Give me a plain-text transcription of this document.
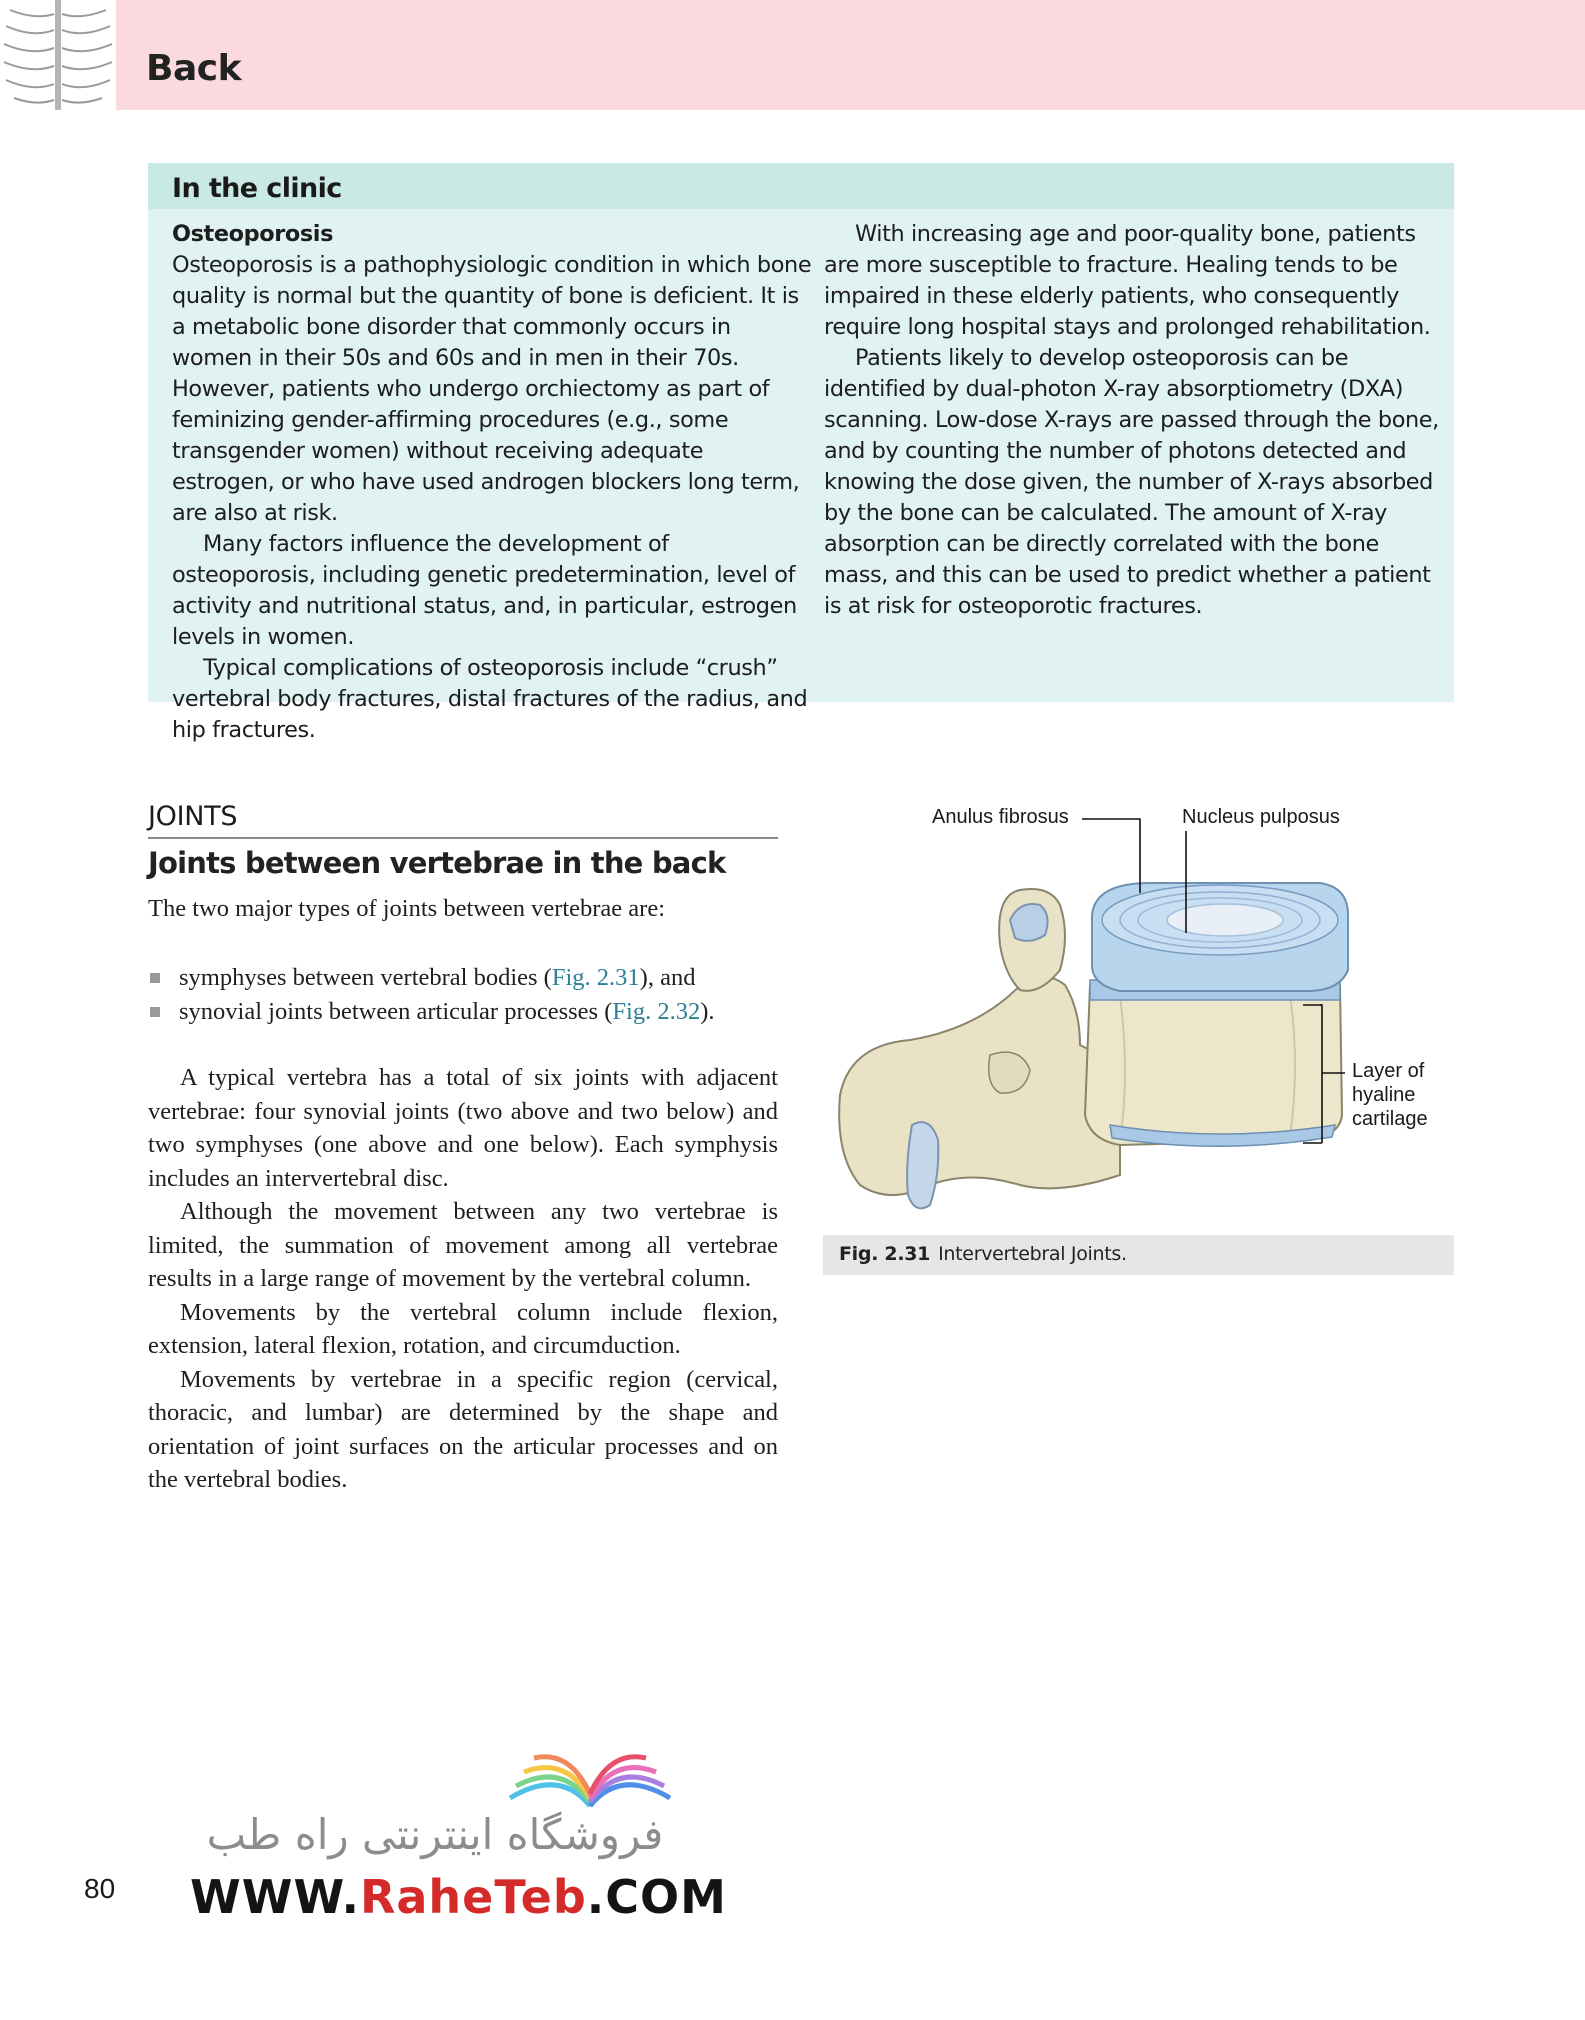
Back
In the clinic

Osteoporosis

Osteoporosis is a pathophysiologic condition in which bone quality is normal but the quantity of bone is deficient. It is a metabolic bone disorder that commonly occurs in women in their 50s and 60s and in men in their 70s. However, patients who undergo orchiectomy as part of feminizing gender-affirming procedures (e.g., some transgender women) without receiving adequate estrogen, or who have used androgen blockers long term, are also at risk.

Many factors influence the development of osteoporosis, including genetic predetermination, level of activity and nutritional status, and, in particular, estrogen levels in women.

Typical complications of osteoporosis include “crush” vertebral body fractures, distal fractures of the radius, and hip fractures.

With increasing age and poor-quality bone, patients are more susceptible to fracture. Healing tends to be impaired in these elderly patients, who consequently require long hospital stays and prolonged rehabilitation.

Patients likely to develop osteoporosis can be identified by dual-photon X-ray absorptiometry (DXA) scanning. Low-dose X-rays are passed through the bone, and by counting the number of photons detected and knowing the dose given, the number of X-rays absorbed by the bone can be calculated. The amount of X-ray absorption can be directly correlated with the bone mass, and this can be used to predict whether a patient is at risk for osteoporotic fractures.

JOINTS
Joints between vertebrae in the back
The two major types of joints between vertebrae are:
symphyses between vertebral bodies (Fig. 2.31), and
synovial joints between articular processes (Fig. 2.32).

A typical vertebra has a total of six joints with adjacent vertebrae: four synovial joints (two above and two below) and two symphyses (one above and one below). Each symphysis includes an intervertebral disc.

Although the movement between any two vertebrae is limited, the summation of movement among all vertebrae results in a large range of movement by the vertebral column.

Movements by the vertebral column include flexion, extension, lateral flexion, rotation, and circumduction.

Movements by vertebrae in a specific region (cervical, thoracic, and lumbar) are determined by the shape and orientation of joint surfaces on the articular processes and on the vertebral bodies.

Anulus fibrosus	Nucleus pulposus
Layer of
hyaline
cartilage
Fig. 2.31 Intervertebral Joints.
فروشگاه اینترنتی راه طب
WWW.RaheTeb.COM
80
